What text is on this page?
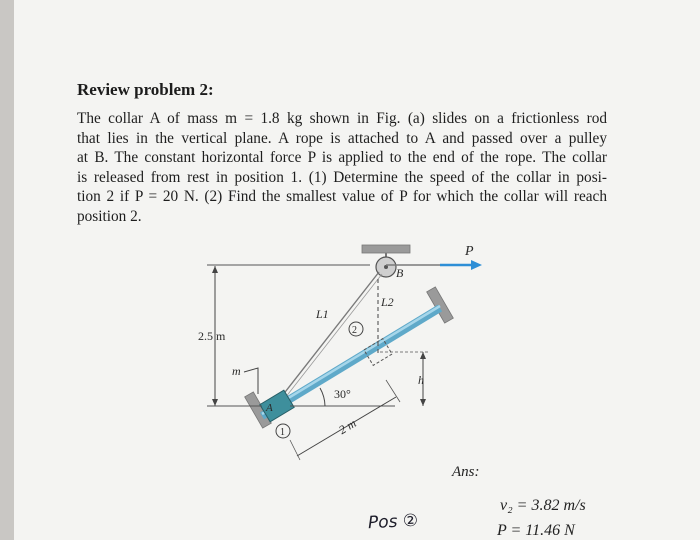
Review problem 2:
The collar A of mass m = 1.8 kg shown in Fig. (a) slides on a frictionless rod
that lies in the vertical plane. A rope is attached to A and passed over a pulley
at B. The constant horizontal force P is applied to the end of the rope. The collar
is released from rest in position 1. (1) Determine the speed of the collar in posi-
tion 2 if P = 20 N. (2) Find the smallest value of P for which the collar will reach
position 2.
P
B
L1
L2
2
A
1
2.5 m
m
30°
2 m
h
Ans:
v₂ = 3.82 m/s
P = 11.46 N
Pos ②
